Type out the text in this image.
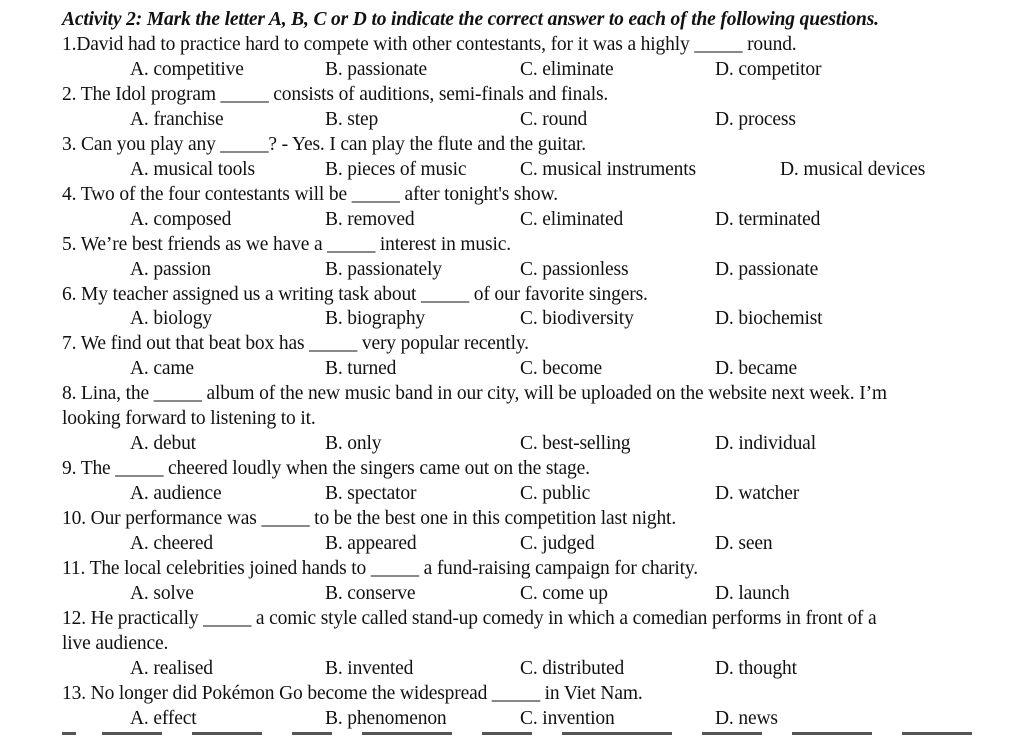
Activity 2: Mark the letter A, B, C or D to indicate the correct answer to each of the following questions.
1.David had to practice hard to compete with other contestants, for it was a highly _____ round.
A. competitive	B. passionate	C. eliminate	D. competitor
2. The Idol program _____ consists of auditions, semi-finals and finals.
A. franchise	B. step	C. round	D. process
3. Can you play any _____? - Yes. I can play the flute and the guitar.
A. musical tools	B. pieces of music	C. musical instruments	D. musical devices
4. Two of the four contestants will be _____ after tonight's show.
A. composed	B. removed	C. eliminated	D. terminated
5. We’re best friends as we have a _____ interest in music.
A. passion	B. passionately	C. passionless	D. passionate
6. My teacher assigned us a writing task about _____ of our favorite singers.
A. biology	B. biography	C. biodiversity	D. biochemist
7. We find out that beat box has _____ very popular recently.
A. came	B. turned	C. become	D. became
8. Lina, the _____ album of the new music band in our city, will be uploaded on the website next week. I’m
looking forward to listening to it.
A. debut	B. only	C. best-selling	D. individual
9. The _____ cheered loudly when the singers came out on the stage.
A. audience	B. spectator	C. public	D. watcher
10. Our performance was _____ to be the best one in this competition last night.
A. cheered	B. appeared	C. judged	D. seen
11. The local celebrities joined hands to _____ a fund-raising campaign for charity.
A. solve	B. conserve	C. come up	D. launch
12. He practically _____ a comic style called stand-up comedy in which a comedian performs in front of a
live audience.
A. realised	B. invented	C. distributed	D. thought
13. No longer did Pokémon Go become the widespread _____ in Viet Nam.
A. effect	B. phenomenon	C. invention	D. news
